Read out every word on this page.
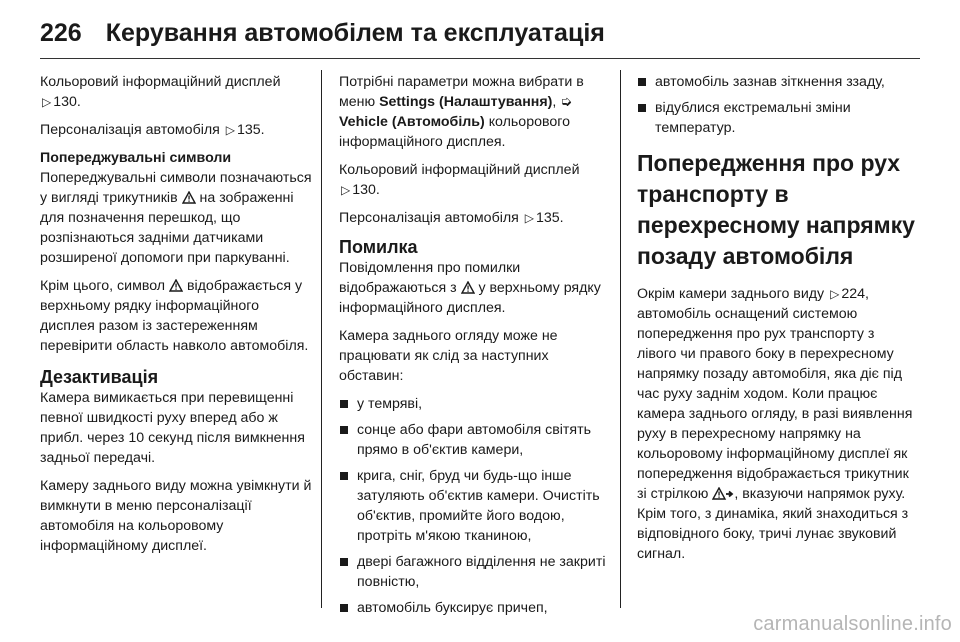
226 Керування автомобілем та експлуатація

Кольоровий інформаційний дисплей ▷ 130.

Персоналізація автомобіля ▷ 135.

Попереджувальні символи

Попереджувальні символи позначаються у вигляді трикутників на зображенні для позначення перешкод, що розпізнаються задніми датчиками розширеної допомоги при паркуванні.

Крім цього, символ відображається у верхньому рядку інформаційного дисплея разом із застереженням перевірити область навколо автомобіля.

Дезактивація

Камера вимикається при перевищенні певної швидкості руху вперед або ж прибл. через 10 секунд після вимкнення задньої передачі.

Камеру заднього виду можна увімкнути й вимкнути в меню персоналізації автомобіля на кольоровому інформаційному дисплеї.

Потрібні параметри можна вибрати в меню Settings (Налаштування), ➭ Vehicle (Автомобіль) кольорового інформаційного дисплея.

Кольоровий інформаційний дисплей ▷ 130.

Персоналізація автомобіля ▷ 135.

Помилка

Повідомлення про помилки відображаються з у верхньому рядку інформаційного дисплея.

Камера заднього огляду може не працювати як слід за наступних обставин:

у темряві,
сонце або фари автомобіля світять прямо в об'єктив камери,
крига, сніг, бруд чи будь-що інше затуляють об'єктив камери. Очистіть об'єктив, промийте його водою, протріть м'якою тканиною,
двері багажного відділення не закриті повністю,
автомобіль буксирує причеп,
автомобіль зазнав зіткнення ззаду,
відублися екстремальні зміни температур.
Попередження про рух транспорту в перехресному напрямку позаду автомобіля

Окрім камери заднього виду ▷ 224, автомобіль оснащений системою попередження про рух транспорту з лівого чи правого боку в перехресному напрямку позаду автомобіля, яка діє під час руху заднім ходом. Коли працює камера заднього огляду, в разі виявлення руху в перехресному напрямку на кольоровому інформаційному дисплеї як попередження відображається трикутник зі стрілкою , вказуючи напрямок руху. Крім того, з динаміка, який знаходиться з відповідного боку, тричі лунає звуковий сигнал.

carmanualsonline.info
